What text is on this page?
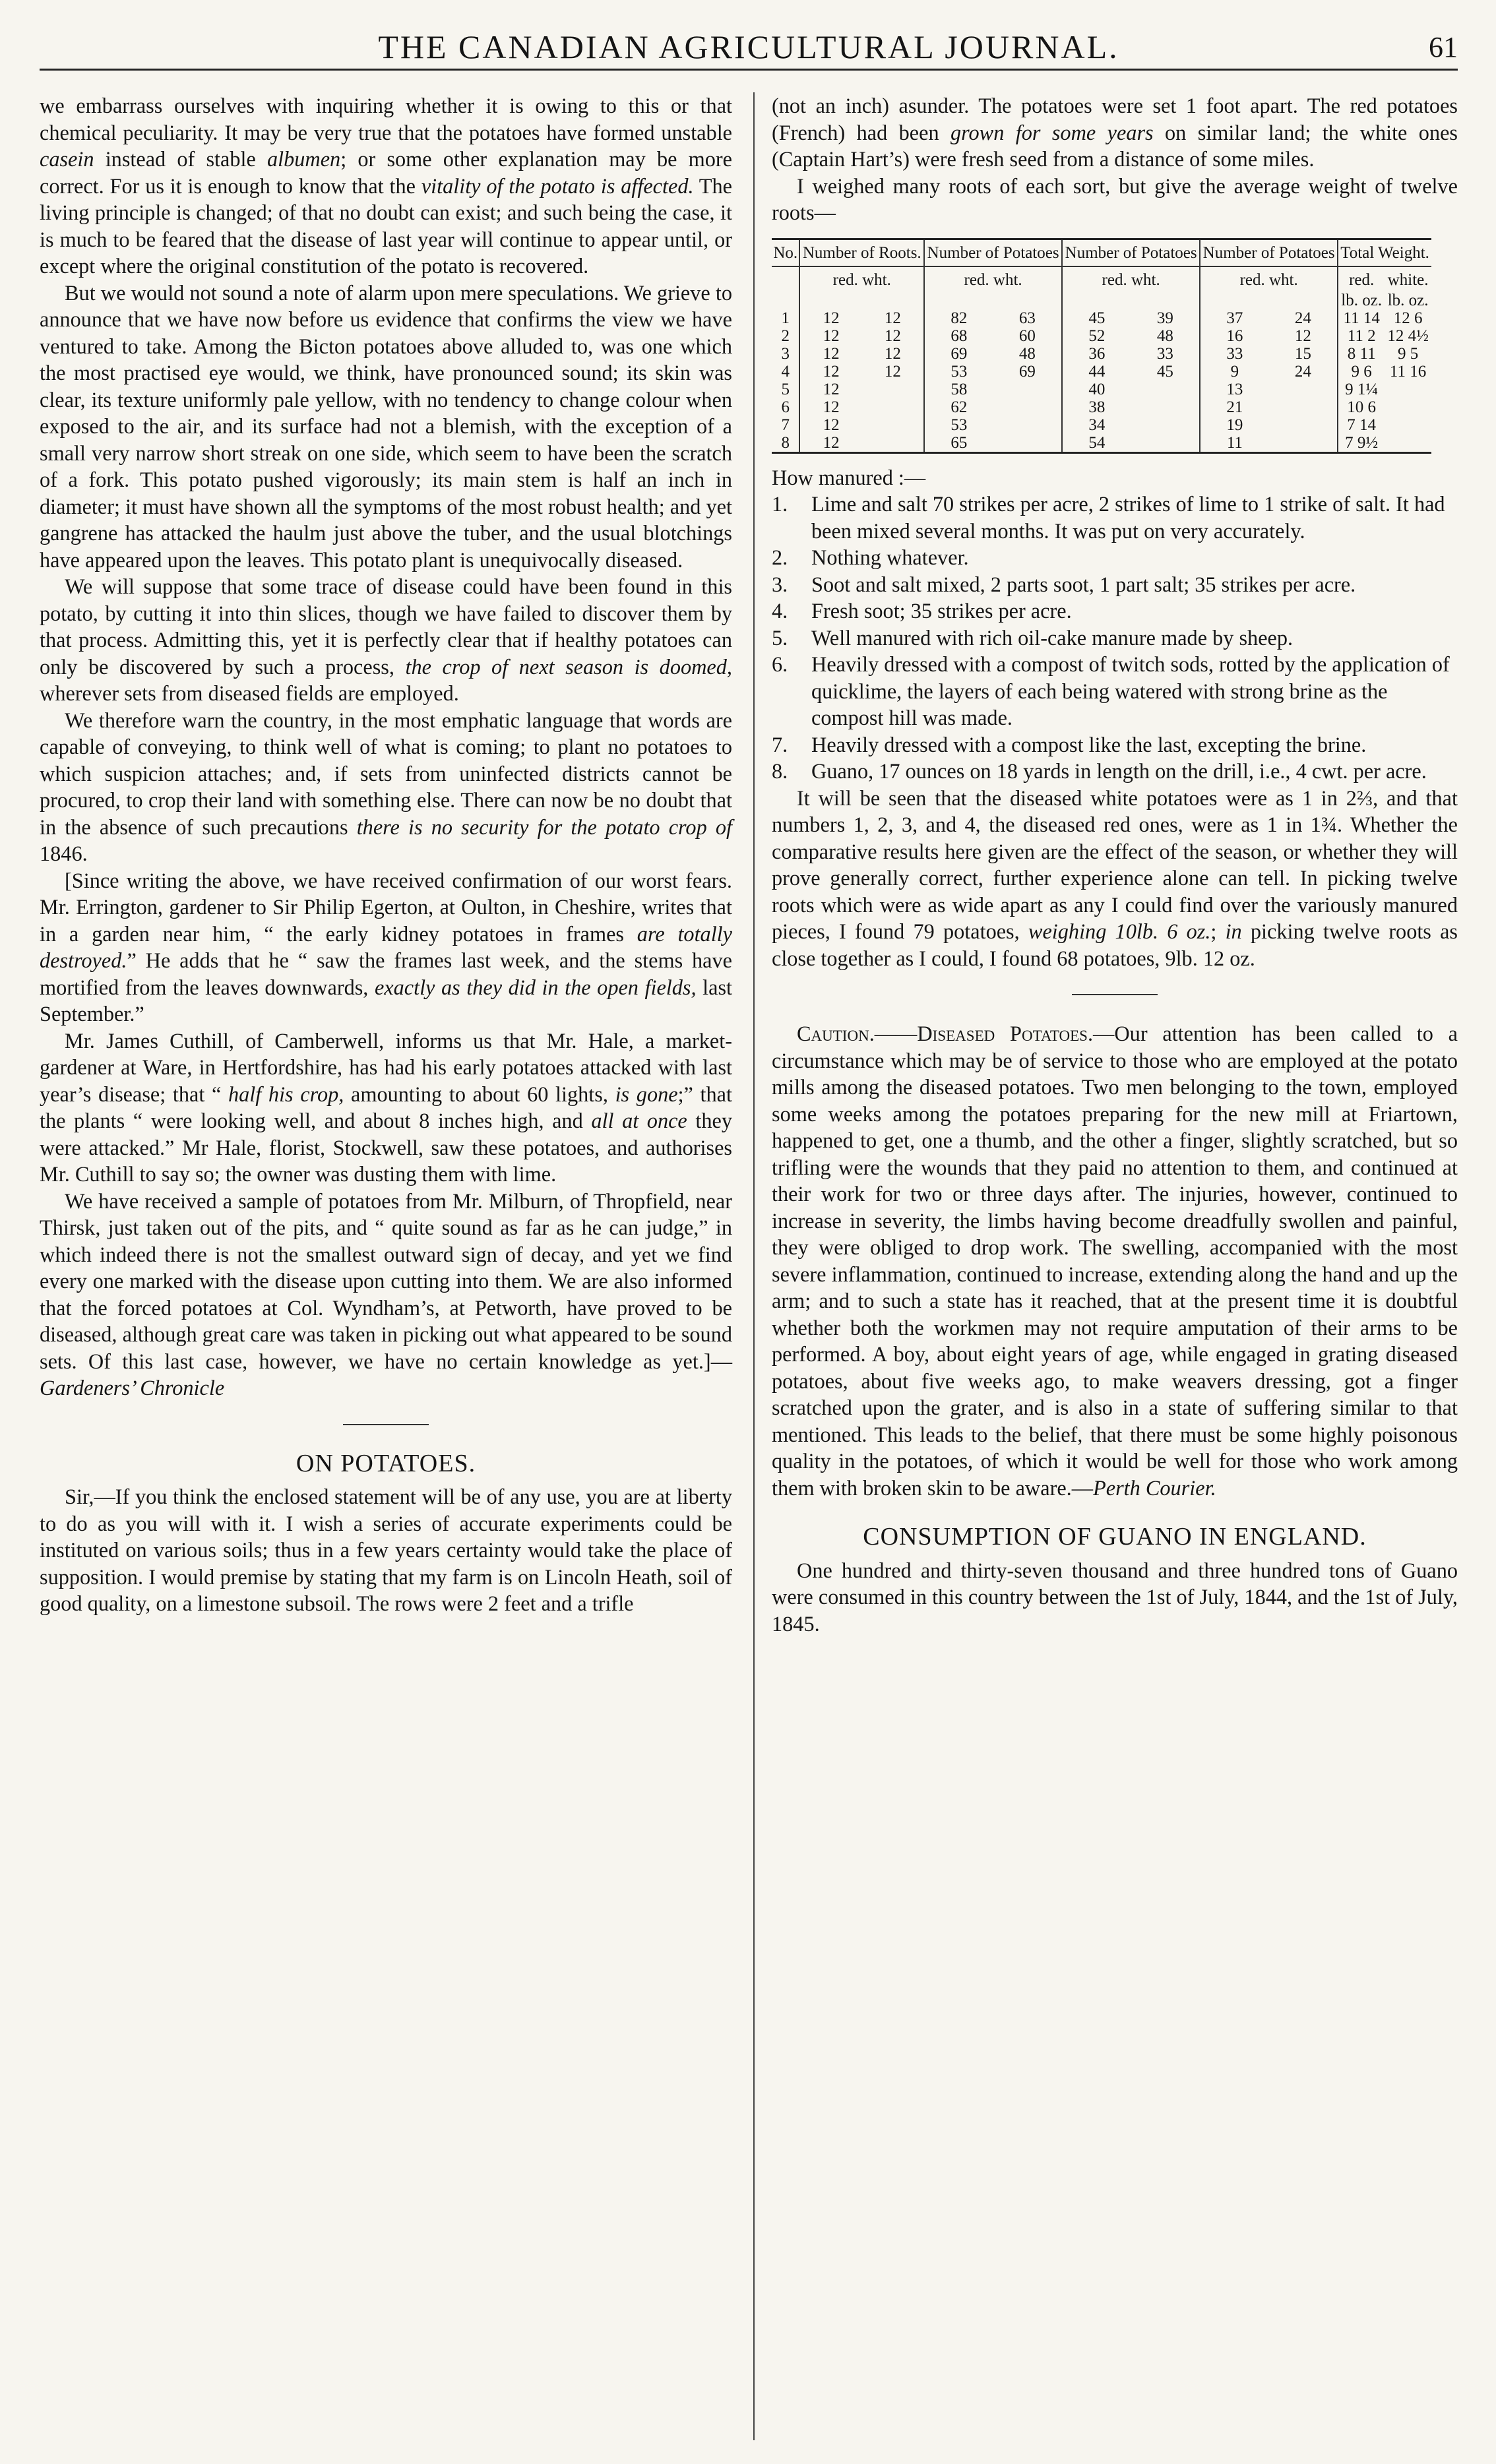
THE CANADIAN AGRICULTURAL JOURNAL.	61

we embarrass ourselves with inquiring whether it is owing to this or that chemical peculiarity. It may be very true that the potatoes have formed unstable casein instead of stable albumen; or some other explanation may be more correct. For us it is enough to know that the vitality of the potato is affected. The living principle is changed; of that no doubt can exist; and such being the case, it is much to be feared that the disease of last year will continue to appear until, or except where the original constitution of the potato is recovered.

But we would not sound a note of alarm upon mere speculations. We grieve to announce that we have now before us evidence that confirms the view we have ventured to take. Among the Bicton potatoes above alluded to, was one which the most practised eye would, we think, have pronounced sound; its skin was clear, its texture uniformly pale yellow, with no tendency to change colour when exposed to the air, and its surface had not a blemish, with the exception of a small very narrow short streak on one side, which seem to have been the scratch of a fork. This potato pushed vigorously; its main stem is half an inch in diameter; it must have shown all the symptoms of the most robust health; and yet gangrene has attacked the haulm just above the tuber, and the usual blotchings have appeared upon the leaves. This potato plant is unequivocally diseased.

We will suppose that some trace of disease could have been found in this potato, by cutting it into thin slices, though we have failed to discover them by that process. Admitting this, yet it is perfectly clear that if healthy potatoes can only be discovered by such a process, the crop of next season is doomed, wherever sets from diseased fields are employed.

We therefore warn the country, in the most emphatic language that words are capable of conveying, to think well of what is coming; to plant no potatoes to which suspicion attaches; and, if sets from uninfected districts cannot be procured, to crop their land with something else. There can now be no doubt that in the absence of such precautions there is no security for the potato crop of 1846.

[Since writing the above, we have received confirmation of our worst fears. Mr. Errington, gardener to Sir Philip Egerton, at Oulton, in Cheshire, writes that in a garden near him, “ the early kidney potatoes in frames are totally destroyed.” He adds that he “ saw the frames last week, and the stems have mortified from the leaves downwards, exactly as they did in the open fields, last September.”

Mr. James Cuthill, of Camberwell, informs us that Mr. Hale, a market-gardener at Ware, in Hertfordshire, has had his early potatoes attacked with last year’s disease; that “ half his crop, amounting to about 60 lights, is gone;” that the plants “ were looking well, and about 8 inches high, and all at once they were attacked.” Mr Hale, florist, Stockwell, saw these potatoes, and authorises Mr. Cuthill to say so; the owner was dusting them with lime.

We have received a sample of potatoes from Mr. Milburn, of Thropfield, near Thirsk, just taken out of the pits, and “ quite sound as far as he can judge,” in which indeed there is not the smallest outward sign of decay, and yet we find every one marked with the disease upon cutting into them. We are also informed that the forced potatoes at Col. Wyndham’s, at Petworth, have proved to be diseased, although great care was taken in picking out what appeared to be sound sets. Of this last case, however, we have no certain knowledge as yet.]—Gardeners’ Chronicle

ON POTATOES.

Sir,—If you think the enclosed statement will be of any use, you are at liberty to do as you will with it. I wish a series of accurate experiments could be instituted on various soils; thus in a few years certainty would take the place of supposition. I would premise by stating that my farm is on Lincoln Heath, soil of good quality, on a limestone subsoil. The rows were 2 feet and a trifle

(not an inch) asunder. The potatoes were set 1 foot apart. The red potatoes (French) had been grown for some years on similar land; the white ones (Captain Hart’s) were fresh seed from a distance of some miles.

I weighed many roots of each sort, but give the average weight of twelve roots—

No.	Number of Roots.		Number of Potatoes		Number of Potatoes		Number of Potatoes		Total Weight.	
	red. wht.		red. wht.		red. wht.		red. wht.		red.	white.
									lb. oz.	lb. oz.
1	12	12	82	63	45	39	37	24	11 14	12 6
2	12	12	68	60	52	48	16	12	11 2	12 4½
3	12	12	69	48	36	33	33	15	8 11	9 5
4	12	12	53	69	44	45	9	24	9 6	11 16
5	12		58		40		13		9 1¼	
6	12		62		38		21		10 6	
7	12		53		34		19		7 14	
8	12		65		54		11		7 9½	

How manured :—

1. Lime and salt 70 strikes per acre, 2 strikes of lime to 1 strike of salt. It had been mixed several months. It was put on very accurately.
2. Nothing whatever.
3. Soot and salt mixed, 2 parts soot, 1 part salt; 35 strikes per acre.
4. Fresh soot; 35 strikes per acre.
5. Well manured with rich oil-cake manure made by sheep.
6. Heavily dressed with a compost of twitch sods, rotted by the application of quicklime, the layers of each being watered with strong brine as the compost hill was made.
7. Heavily dressed with a compost like the last, excepting the brine.
8. Guano, 17 ounces on 18 yards in length on the drill, i.e., 4 cwt. per acre.

It will be seen that the diseased white potatoes were as 1 in 2⅔, and that numbers 1, 2, 3, and 4, the diseased red ones, were as 1 in 1¾. Whether the comparative results here given are the effect of the season, or whether they will prove generally correct, further experience alone can tell. In picking twelve roots which were as wide apart as any I could find over the variously manured pieces, I found 79 potatoes, weighing 10lb. 6 oz.; in picking twelve roots as close together as I could, I found 68 potatoes, 9lb. 12 oz.

Caution.——Diseased Potatoes.—Our attention has been called to a circumstance which may be of service to those who are employed at the potato mills among the diseased potatoes. Two men belonging to the town, employed some weeks among the potatoes preparing for the new mill at Friartown, happened to get, one a thumb, and the other a finger, slightly scratched, but so trifling were the wounds that they paid no attention to them, and continued at their work for two or three days after. The injuries, however, continued to increase in severity, the limbs having become dreadfully swollen and painful, they were obliged to drop work. The swelling, accompanied with the most severe inflammation, continued to increase, extending along the hand and up the arm; and to such a state has it reached, that at the present time it is doubtful whether both the workmen may not require amputation of their arms to be performed. A boy, about eight years of age, while engaged in grating diseased potatoes, about five weeks ago, to make weavers dressing, got a finger scratched upon the grater, and is also in a state of suffering similar to that mentioned. This leads to the belief, that there must be some highly poisonous quality in the potatoes, of which it would be well for those who work among them with broken skin to be aware.—Perth Courier.

CONSUMPTION OF GUANO IN ENGLAND.

One hundred and thirty-seven thousand and three hundred tons of Guano were consumed in this country between the 1st of July, 1844, and the 1st of July, 1845.
